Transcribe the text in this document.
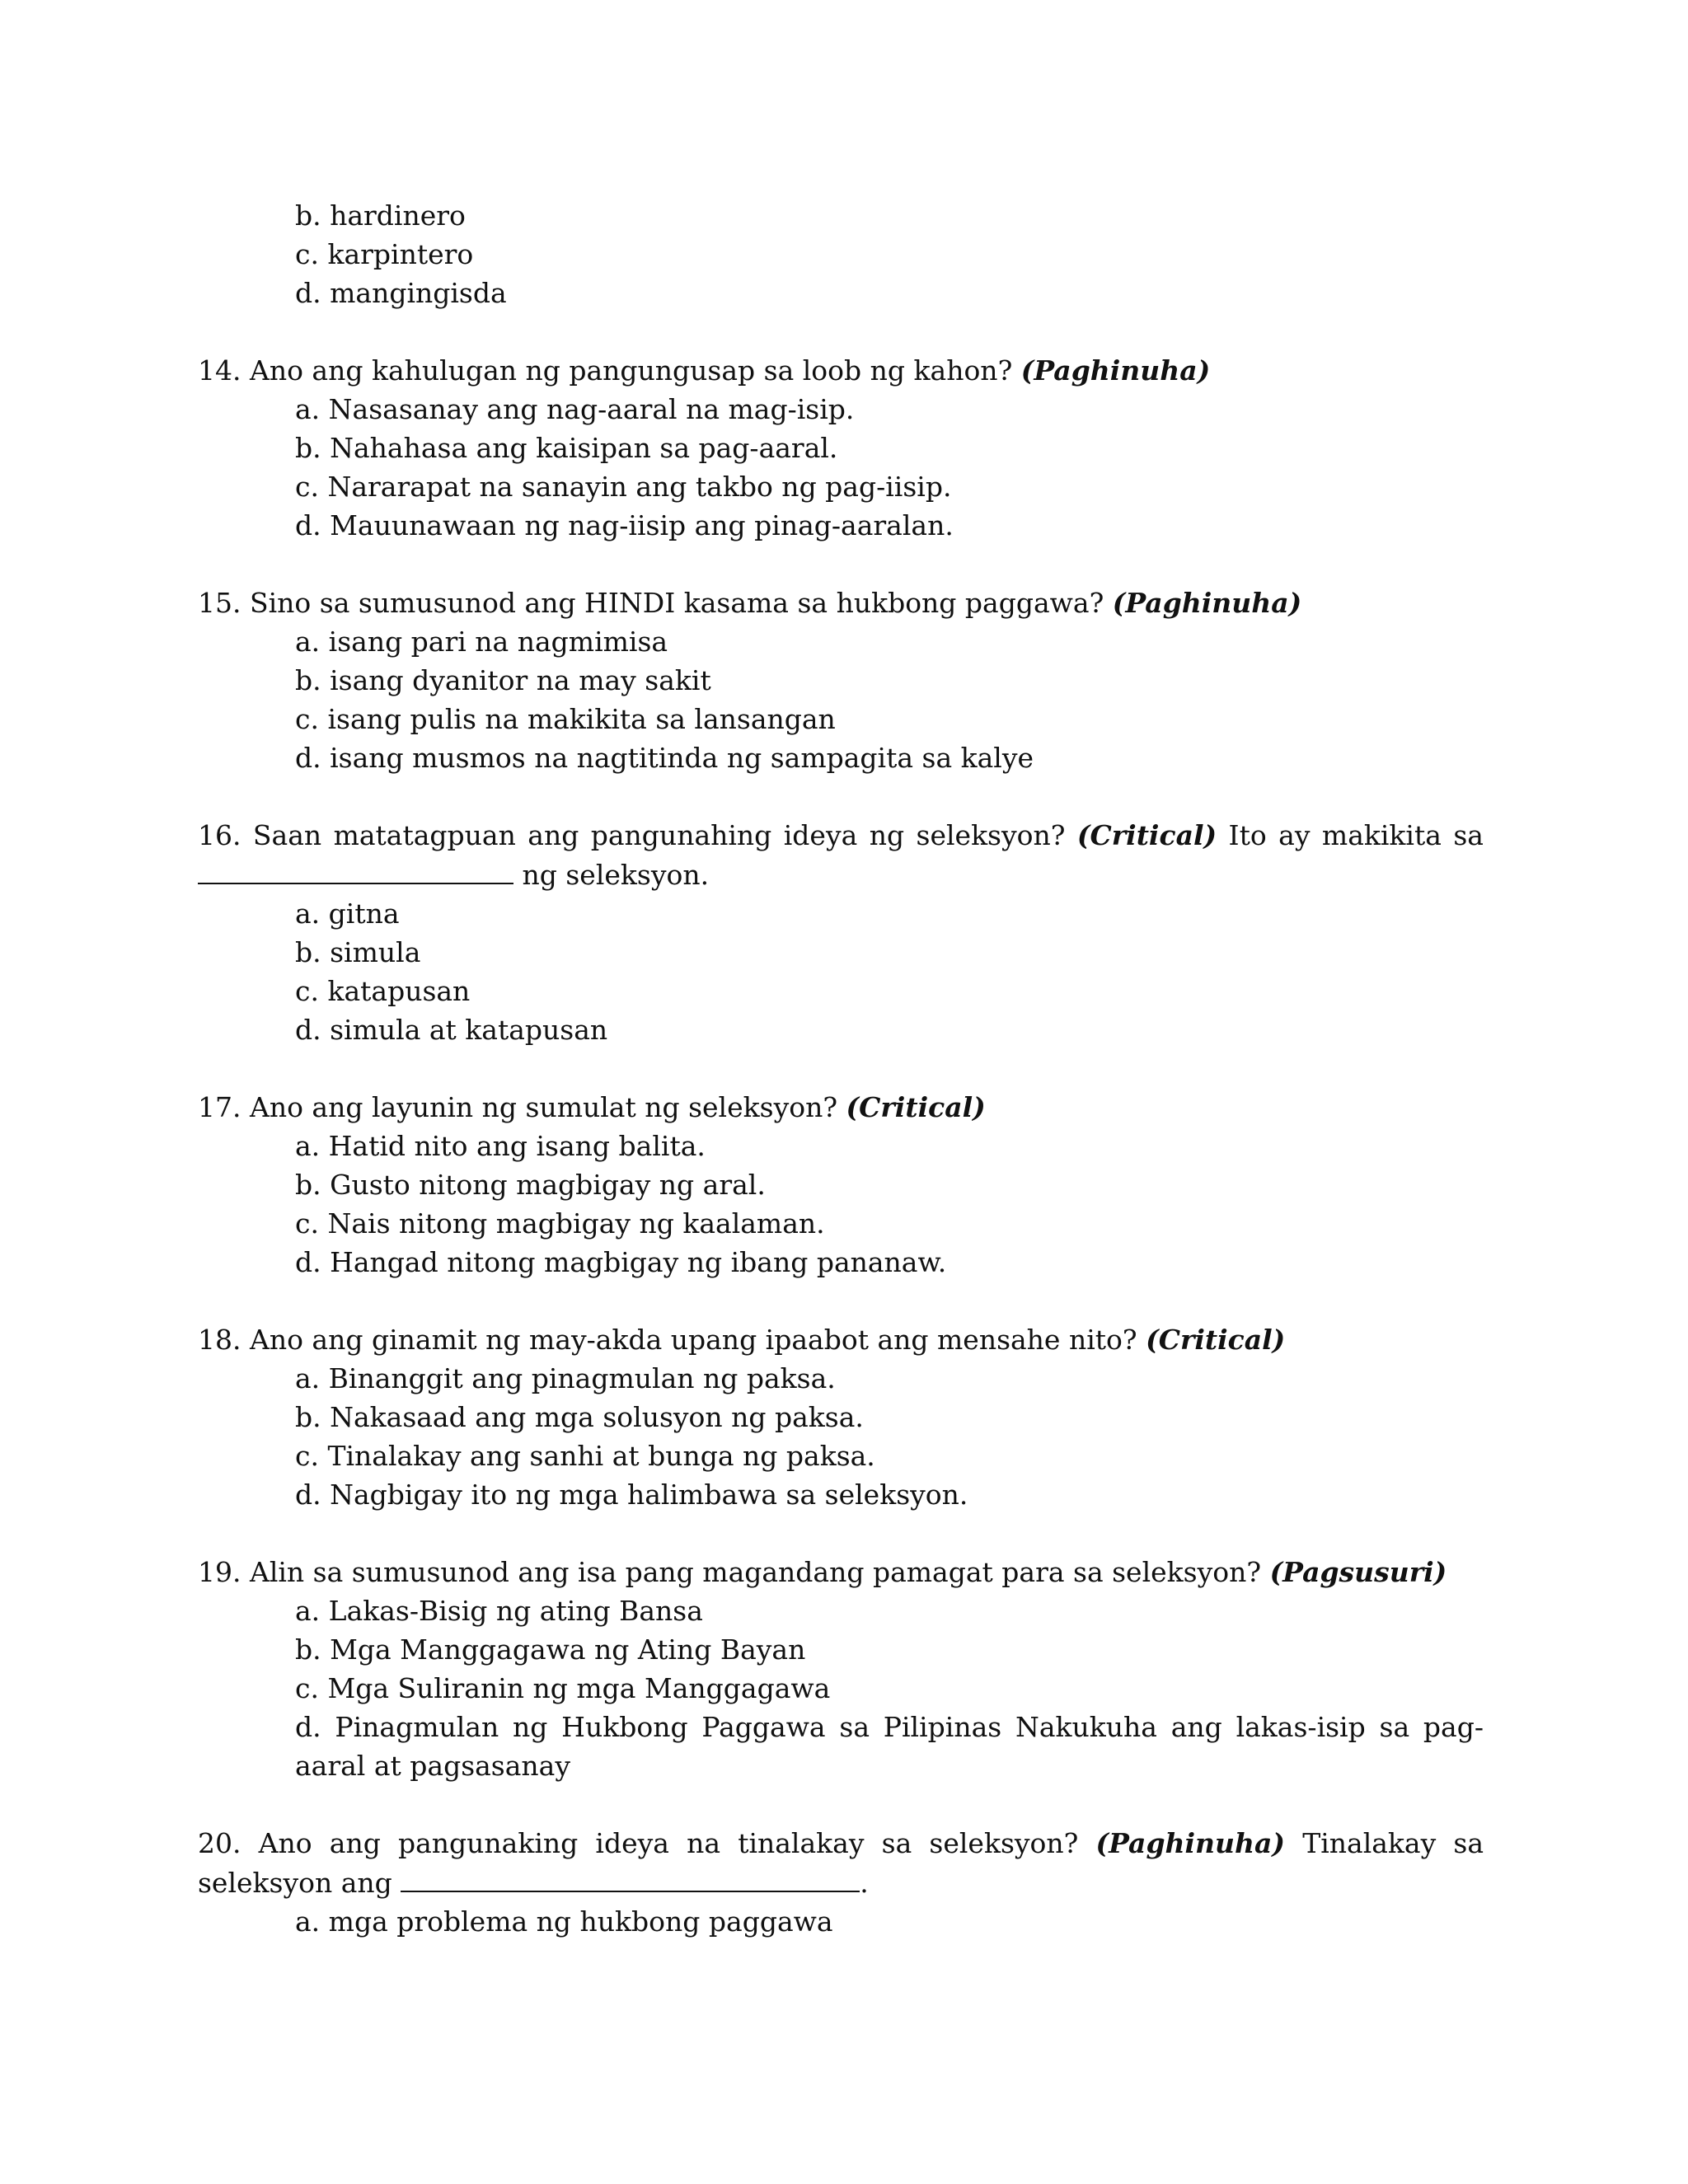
b. hardinero
c. karpintero
d. mangingisda

14. Ano ang kahulugan ng pangungusap sa loob ng kahon? (Paghinuha)

a. Nasasanay ang nag-aaral na mag-isip.
b. Nahahasa ang kaisipan sa pag-aaral.
c. Nararapat na sanayin ang takbo ng pag-iisip.
d. Mauunawaan ng nag-iisip ang pinag-aaralan.

15. Sino sa sumusunod ang HINDI kasama sa hukbong paggawa? (Paghinuha)

a. isang pari na nagmimisa
b. isang dyanitor na may sakit
c. isang pulis na makikita sa lansangan
d. isang musmos na nagtitinda ng sampagita sa kalye

16. Saan matatagpuan ang pangunahing ideya ng seleksyon? (Critical) Ito ay makikita sa  ng seleksyon.

a. gitna
b. simula
c. katapusan
d. simula at katapusan

17. Ano ang layunin ng sumulat ng seleksyon? (Critical)

a. Hatid nito ang isang balita.
b. Gusto nitong magbigay ng aral.
c. Nais nitong magbigay ng kaalaman.
d. Hangad nitong magbigay ng ibang pananaw.

18. Ano ang ginamit ng may-akda upang ipaabot ang mensahe nito? (Critical)

a. Binanggit ang pinagmulan ng paksa.
b. Nakasaad ang mga solusyon ng paksa.
c. Tinalakay ang sanhi at bunga ng paksa.
d. Nagbigay ito ng mga halimbawa sa seleksyon.

19. Alin sa sumusunod ang isa pang magandang pamagat para sa seleksyon? (Pagsusuri)

a. Lakas-Bisig ng ating Bansa
b. Mga Manggagawa ng Ating Bayan
c. Mga Suliranin ng mga Manggagawa
d. Pinagmulan ng Hukbong Paggawa sa Pilipinas Nakukuha ang lakas-isip sa pag-aaral at pagsasanay

20. Ano ang pangunaking ideya na tinalakay sa seleksyon? (Paghinuha) Tinalakay sa seleksyon ang	.

a. mga problema ng hukbong paggawa
